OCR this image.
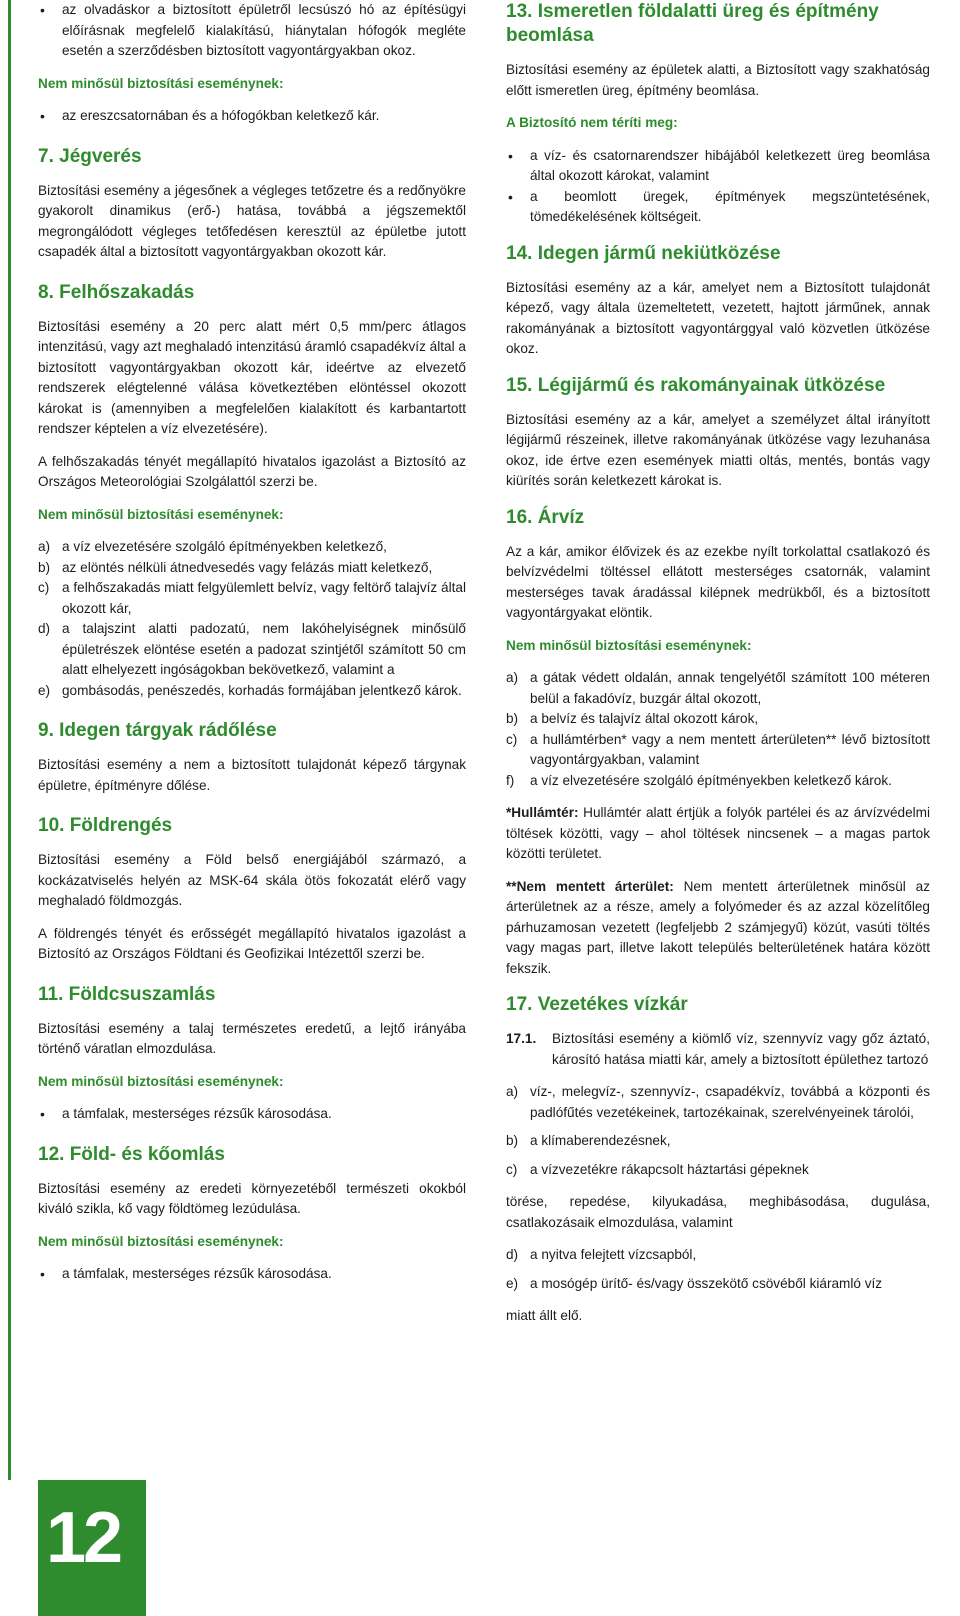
• az olvadáskor a biztosított épületről lecsúszó hó az építésügyi előírásnak megfelelő kialakítású, hiánytalan hófogók megléte esetén a szerződésben biztosított vagyontárgyakban okoz.
Nem minősül biztosítási eseménynek:
• az ereszcsatornában és a hófogókban keletkező kár.
7. Jégverés

Biztosítási esemény a jégesőnek a végleges tetőzetre és a redőnyökre gyakorolt dinamikus (erő-) hatása, továbbá a jégszemektől megrongálódott végleges tetőfedésen keresztül az épületbe jutott csapadék által a biztosított vagyontárgyakban okozott kár.

8. Felhőszakadás

Biztosítási esemény a 20 perc alatt mért 0,5 mm/perc átlagos intenzitású, vagy azt meghaladó intenzitású áramló csapadékvíz által a biztosított vagyontárgyakban okozott kár, ideértve az elvezető rendszerek elégtelenné válása következtében elöntéssel okozott károkat is (amennyiben a megfelelően kialakított és karbantartott rendszer képtelen a víz elvezetésére).

A felhőszakadás tényét megállapító hivatalos igazolást a Biztosító az Országos Meteorológiai Szolgálattól szerzi be.

Nem minősül biztosítási eseménynek:
a) a víz elvezetésére szolgáló építményekben keletkező,
b) az elöntés nélküli átnedvesedés vagy felázás miatt keletkező,
c) a felhőszakadás miatt felgyülemlett belvíz, vagy feltörő talajvíz által okozott kár,
d) a talajszint alatti padozatú, nem lakóhelyiségnek minősülő épületrészek elöntése esetén a padozat szintjétől számított 50 cm alatt elhelyezett ingóságokban bekövetkező, valamint a
e) gombásodás, penészedés, korhadás formájában jelentkező károk.
9. Idegen tárgyak rádőlése

Biztosítási esemény a nem a biztosított tulajdonát képező tárgynak épületre, építményre dőlése.

10. Földrengés

Biztosítási esemény a Föld belső energiájából származó, a kockázatviselés helyén az MSK-64 skála ötös fokozatát elérő vagy meghaladó földmozgás.

A földrengés tényét és erősségét megállapító hivatalos igazolást a Biztosító az Országos Földtani és Geofizikai Intézettől szerzi be.

11. Földcsuszamlás

Biztosítási esemény a talaj természetes eredetű, a lejtő irányába történő váratlan elmozdulása.

Nem minősül biztosítási eseménynek:
• a támfalak, mesterséges rézsűk károsodása.
12. Föld- és kőomlás

Biztosítási esemény az eredeti környezetéből természeti okokból kiváló szikla, kő vagy földtömeg lezúdulása.

Nem minősül biztosítási eseménynek:
• a támfalak, mesterséges rézsűk károsodása.
13. Ismeretlen földalatti üreg és építmény beomlása

Biztosítási esemény az épületek alatti, a Biztosított vagy szakhatóság előtt ismeretlen üreg, építmény beomlása.

A Biztosító nem téríti meg:
• a víz- és csatornarendszer hibájából keletkezett üreg beomlása által okozott károkat, valamint
• a beomlott üregek, építmények megszüntetésének, tömedékelésének költségeit.
14. Idegen jármű nekiütközése

Biztosítási esemény az a kár, amelyet nem a Biztosított tulajdonát képező, vagy általa üzemeltetett, vezetett, hajtott járműnek, annak rakományának a biztosított vagyontárggyal való közvetlen ütközése okoz.

15. Légijármű és rakományainak ütközése

Biztosítási esemény az a kár, amelyet a személyzet által irányított légijármű részeinek, illetve rakományának ütközése vagy lezuhanása okoz, ide értve ezen események miatti oltás, mentés, bontás vagy kiürítés során keletkezett károkat is.

16. Árvíz

Az a kár, amikor élővizek és az ezekbe nyílt torkolattal csatlakozó és belvízvédelmi töltéssel ellátott mesterséges csatornák, valamint mesterséges tavak áradással kilépnek medrükből, és a biztosított vagyontárgyakat elöntik.

Nem minősül biztosítási eseménynek:
a) a gátak védett oldalán, annak tengelyétől számított 100 méteren belül a fakadóvíz, buzgár által okozott,
b) a belvíz és talajvíz által okozott károk,
c) a hullámtérben* vagy a nem mentett árterületen** lévő biztosított vagyontárgyakban, valamint
f) a víz elvezetésére szolgáló építményekben keletkező károk.

*Hullámtér: Hullámtér alatt értjük a folyók partélei és az árvízvédelmi töltések közötti, vagy – ahol töltések nincsenek – a magas partok közötti területet.

**Nem mentett árterület: Nem mentett árterületnek minősül az árterületnek az a része, amely a folyómeder és az azzal közelítőleg párhuzamosan vezetett (legfeljebb 2 számjegyű) közút, vasúti töltés vagy magas part, illetve lakott település belterületének határa között fekszik.

17. Vezetékes vízkár
17.1. Biztosítási esemény a kiömlő víz, szennyvíz vagy gőz áztató, károsító hatása miatti kár, amely a biztosított épülethez tartozó
a) víz-, melegvíz-, szennyvíz-, csapadékvíz, továbbá a központi és padlófűtés vezetékeinek, tartozékainak, szerelvényeinek tárolói,
b) a klímaberendezésnek,
c) a vízvezetékre rákapcsolt háztartási gépeknek

törése, repedése, kilyukadása, meghibásodása, dugulása, csatlakozásaik elmozdulása, valamint

d) a nyitva felejtett vízcsapból,
e) a mosógép ürítő- és/vagy összekötő csövéből kiáramló víz

miatt állt elő.

12
